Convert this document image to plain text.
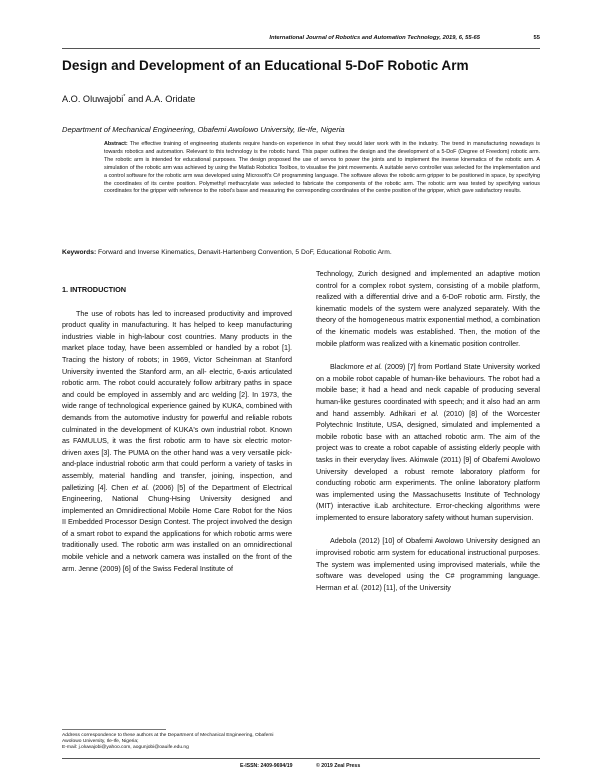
International Journal of Robotics and Automation Technology, 2019, 6, 55-65	55
Design and Development of an Educational 5-DoF Robotic Arm
A.O. Oluwajobi* and A.A. Oridate
Department of Mechanical Engineering, Obafemi Awolowo University, Ile-Ife, Nigeria
Abstract: The effective training of engineering students require hands-on experience in what they would later work with in the industry. The trend in manufacturing nowadays is towards robotics and automation. Relevant to this technology is the robotic hand. This paper outlines the design and the development of a 5-DoF (Degree of Freedom) robotic arm. The robotic arm is intended for educational purposes. The design proposed the use of servos to power the joints and to implement the inverse kinematics of the robotic arm. A simulation of the robotic arm was achieved by using the Matlab Robotics Toolbox, to visualise the joint movements. A suitable servo controller was selected for the implementation and a control software for the robotic arm was developed using Microsoft's C# programming language. The software allows the robotic arm gripper to be positioned in space, by specifying the coordinates of its centre position. Polymethyl methacrylate was selected to fabricate the components of the robotic arm. The robotic arm was tested by specifying various coordinates for the gripper with reference to the robot's base and measuring the corresponding coordinates of the centre position of the gripper, which gave satisfactory results.
Keywords: Forward and Inverse Kinematics, Denavit-Hartenberg Convention, 5 DoF, Educational Robotic Arm.

1. INTRODUCTION

The use of robots has led to increased productivity and improved product quality in manufacturing. It has helped to keep manufacturing industries viable in high-labour cost countries. Many products in the market place today, have been assembled or handled by a robot [1]. Tracing the history of robots; in 1969, Victor Scheinman at Stanford University invented the Stanford arm, an all- electric, 6-axis articulated robotic arm. The robot could accurately follow arbitrary paths in space and could be employed in assembly and arc welding [2]. In 1973, the wide range of technological experience gained by KUKA, combined with demands from the automotive industry for powerful and reliable robots culminated in the development of KUKA's own industrial robot. Known as FAMULUS, it was the first robotic arm to have six electric motor-driven axes [3]. The PUMA on the other hand was a very versatile pick-and-place industrial robotic arm that could perform a variety of tasks in assembly, material handling and transfer, joining, inspection, and palletizing [4]. Chen et al. (2006) [5] of the Department of Electrical Engineering, National Chung-Hsing University designed and implemented an Omnidirectional Mobile Home Care Robot for the Nios II Embedded Processor Design Contest. The project involved the design of a smart robot to expand the applications for which robotic arms were traditionally used. The robotic arm was installed on an omnidirectional mobile vehicle and a network camera was installed on the front of the arm. Jenne (2009) [6] of the Swiss Federal Institute of

Technology, Zurich designed and implemented an adaptive motion control for a complex robot system, consisting of a mobile platform, realized with a differential drive and a 6-DoF robotic arm. Firstly, the kinematic models of the system were analyzed separately. With the theory of the homogeneous matrix exponential method, a combination of the kinematic models was established. Then, the motion of the mobile platform was realized with a kinematic position controller.

Blackmore et al. (2009) [7] from Portland State University worked on a mobile robot capable of human-like behaviours. The robot had a mobile base; it had a head and neck capable of producing several human-like gestures coordinated with speech; and it also had an arm and hand assembly. Adhikari et al. (2010) [8] of the Worcester Polytechnic Institute, USA, designed, simulated and implemented a mobile robotic base with an attached robotic arm. The aim of the project was to create a robot capable of assisting elderly people with tasks in their everyday lives. Akinwale (2011) [9] of Obafemi Awolowo University developed a robust remote laboratory platform for conducting robotic arm experiments. The online laboratory platform was implemented using the Massachusetts Institute of Technology (MIT) interactive iLab architecture. Error-checking algorithms were implemented to ensure laboratory safety without human supervision.

Adebola (2012) [10] of Obafemi Awolowo University designed an improvised robotic arm system for educational instructional purposes. The system was implemented using improvised materials, while the software was developed using the C# programming language. Herman et al. (2012) [11], of the University

Address correspondence to these authors at the Department of Mechanical Engineering, Obafemi Awolowo University, Ile-Ife, Nigeria;
E-mail: j.oluwajobi@yahoo.com, aogunjobi@oauife.edu.ng
E-ISSN: 2409-9694/19	© 2019 Zeal Press
